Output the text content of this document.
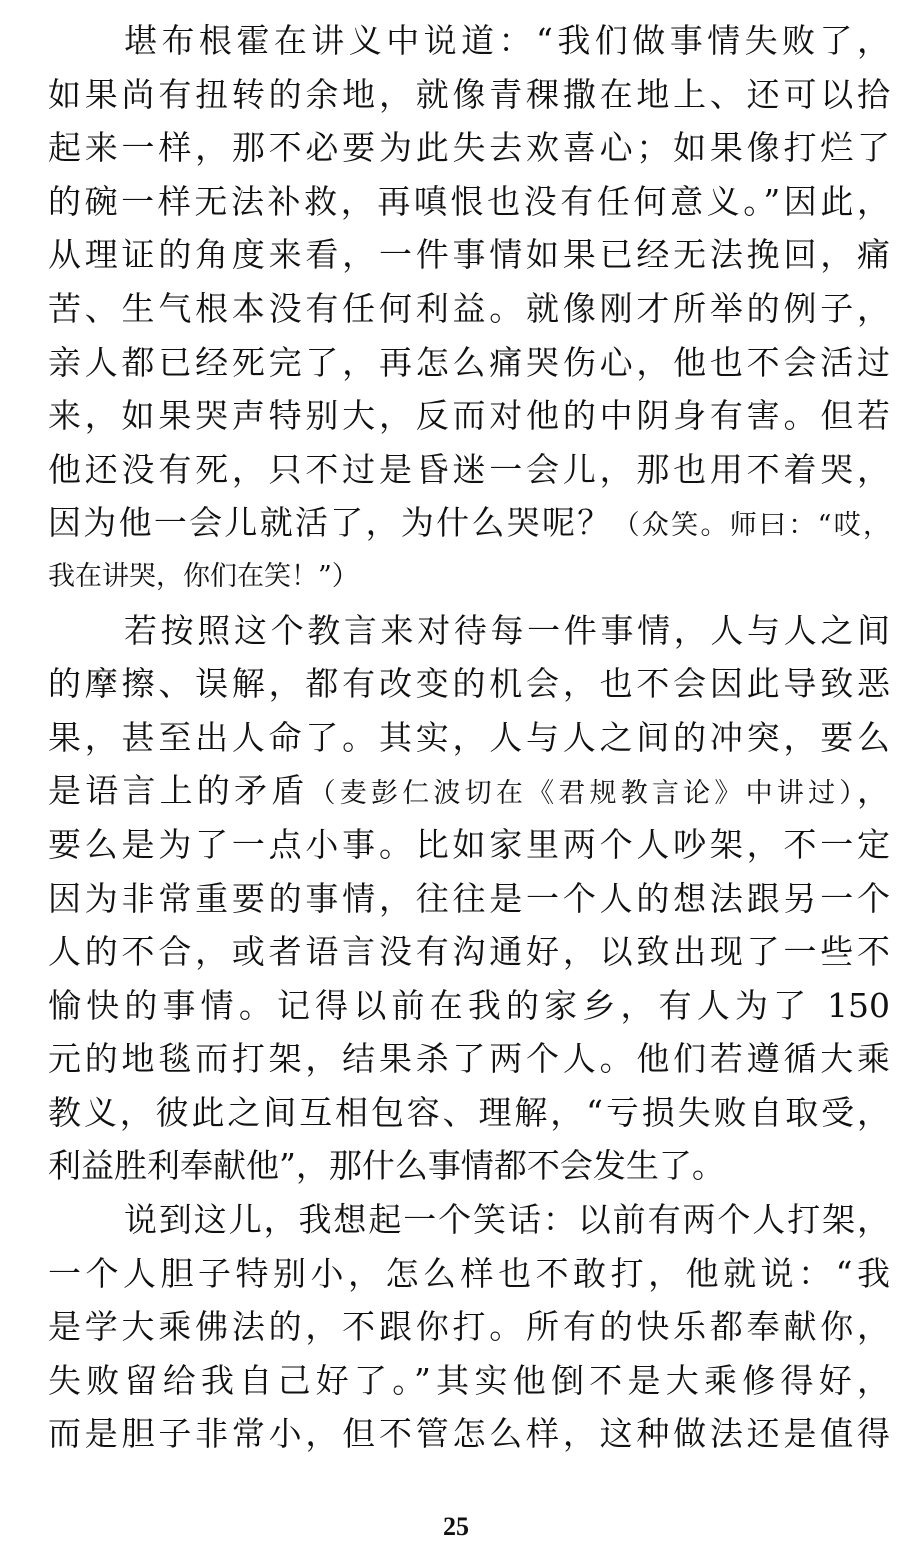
堪布根霍在讲义中说道：“我们做事情失败了，
如果尚有扭转的余地，就像青稞撒在地上、还可以拾
起来一样，那不必要为此失去欢喜心；如果像打烂了
的碗一样无法补救，再嗔恨也没有任何意义。”因此，
从理证的角度来看，一件事情如果已经无法挽回，痛
苦、生气根本没有任何利益。就像刚才所举的例子，
亲人都已经死完了，再怎么痛哭伤心，他也不会活过
来，如果哭声特别大，反而对他的中阴身有害。但若
他还没有死，只不过是昏迷一会儿，那也用不着哭，
因为他一会儿就活了，为什么哭呢？（众笑。师曰：“哎，
我在讲哭，你们在笑！”）
若按照这个教言来对待每一件事情，人与人之间
的摩擦、误解，都有改变的机会，也不会因此导致恶
果，甚至出人命了。其实，人与人之间的冲突，要么
是语言上的矛盾（麦彭仁波切在《君规教言论》中讲过），
要么是为了一点小事。比如家里两个人吵架，不一定
因为非常重要的事情，往往是一个人的想法跟另一个
人的不合，或者语言没有沟通好，以致出现了一些不
愉快的事情。记得以前在我的家乡，有人为了 150
元的地毯而打架，结果杀了两个人。他们若遵循大乘
教义，彼此之间互相包容、理解，“亏损失败自取受，
利益胜利奉献他”，那什么事情都不会发生了。
说到这儿，我想起一个笑话：以前有两个人打架，
一个人胆子特别小，怎么样也不敢打，他就说：“我
是学大乘佛法的，不跟你打。所有的快乐都奉献你，
失败留给我自己好了。”其实他倒不是大乘修得好，
而是胆子非常小，但不管怎么样，这种做法还是值得
25
